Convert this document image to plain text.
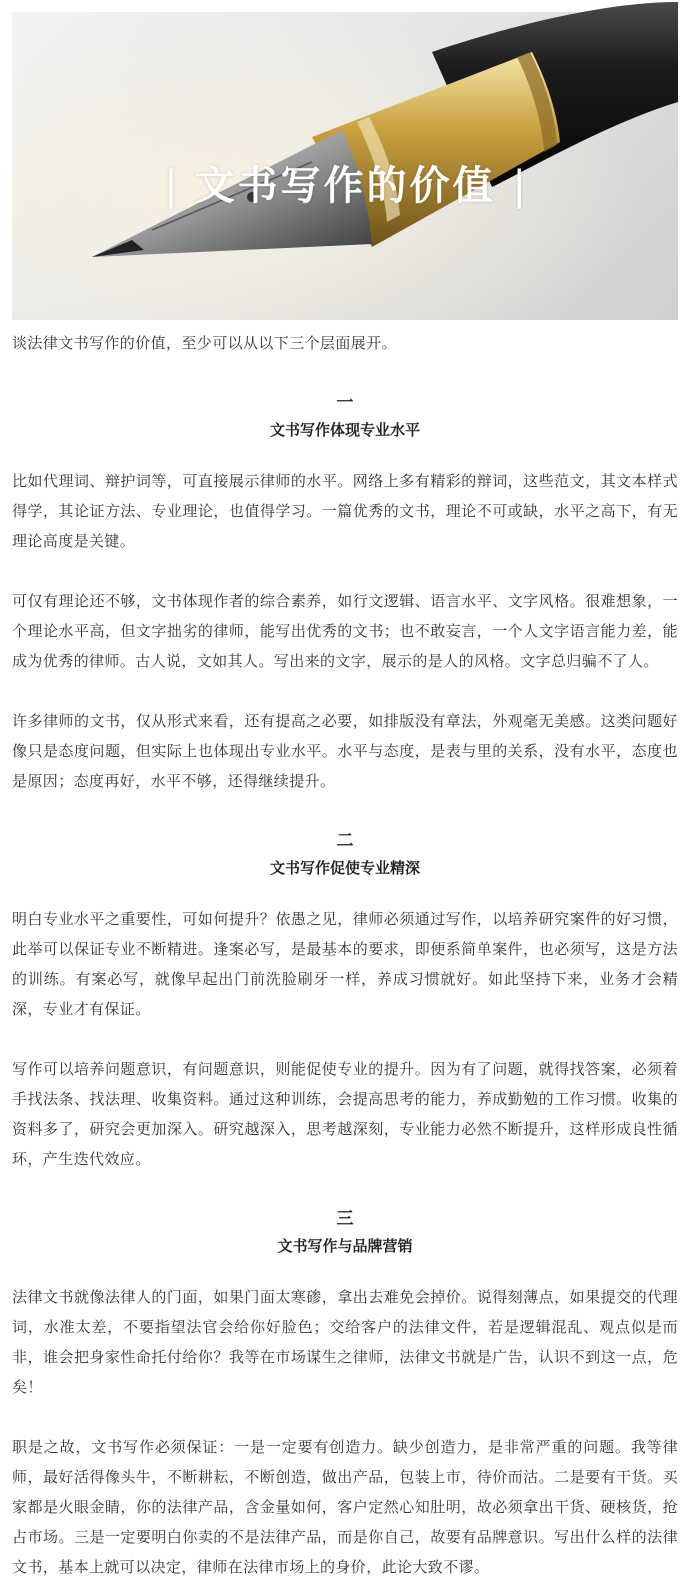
| 文书写作的价值 |

谈法律文书写作的价值，至少可以从以下三个层面展开。

一
文书写作体现专业水平

比如代理词、辩护词等，可直接展示律师的水平。网络上多有精彩的辩词，这些范文，其文本样式得学，其论证方法、专业理论，也值得学习。一篇优秀的文书，理论不可或缺，水平之高下，有无理论高度是关键。

可仅有理论还不够，文书体现作者的综合素养，如行文逻辑、语言水平、文字风格。很难想象，一个理论水平高，但文字拙劣的律师，能写出优秀的文书；也不敢妄言，一个人文字语言能力差，能成为优秀的律师。古人说，文如其人。写出来的文字，展示的是人的风格。文字总归骗不了人。

许多律师的文书，仅从形式来看，还有提高之必要，如排版没有章法，外观毫无美感。这类问题好像只是态度问题，但实际上也体现出专业水平。水平与态度，是表与里的关系，没有水平，态度也是原因；态度再好，水平不够，还得继续提升。

二
文书写作促使专业精深

明白专业水平之重要性，可如何提升？依愚之见，律师必须通过写作，以培养研究案件的好习惯，此举可以保证专业不断精进。逢案必写，是最基本的要求，即便系简单案件，也必须写，这是方法的训练。有案必写，就像早起出门前洗脸刷牙一样，养成习惯就好。如此坚持下来，业务才会精深，专业才有保证。

写作可以培养问题意识，有问题意识，则能促使专业的提升。因为有了问题，就得找答案，必须着手找法条、找法理、收集资料。通过这种训练，会提高思考的能力，养成勤勉的工作习惯。收集的资料多了，研究会更加深入。研究越深入，思考越深刻，专业能力必然不断提升，这样形成良性循环，产生迭代效应。

三
文书写作与品牌营销

法律文书就像法律人的门面，如果门面太寒碜，拿出去难免会掉价。说得刻薄点，如果提交的代理词，水准太差，不要指望法官会给你好脸色；交给客户的法律文件，若是逻辑混乱、观点似是而非，谁会把身家性命托付给你？我等在市场谋生之律师，法律文书就是广告，认识不到这一点，危矣！

职是之故，文书写作必须保证：一是一定要有创造力。缺少创造力，是非常严重的问题。我等律师，最好活得像头牛，不断耕耘，不断创造，做出产品，包装上市，待价而沽。二是要有干货。买家都是火眼金睛，你的法律产品，含金量如何，客户定然心知肚明，故必须拿出干货、硬核货，抢占市场。三是一定要明白你卖的不是法律产品，而是你自己，故要有品牌意识。写出什么样的法律文书，基本上就可以决定，律师在法律市场上的身价，此论大致不谬。
